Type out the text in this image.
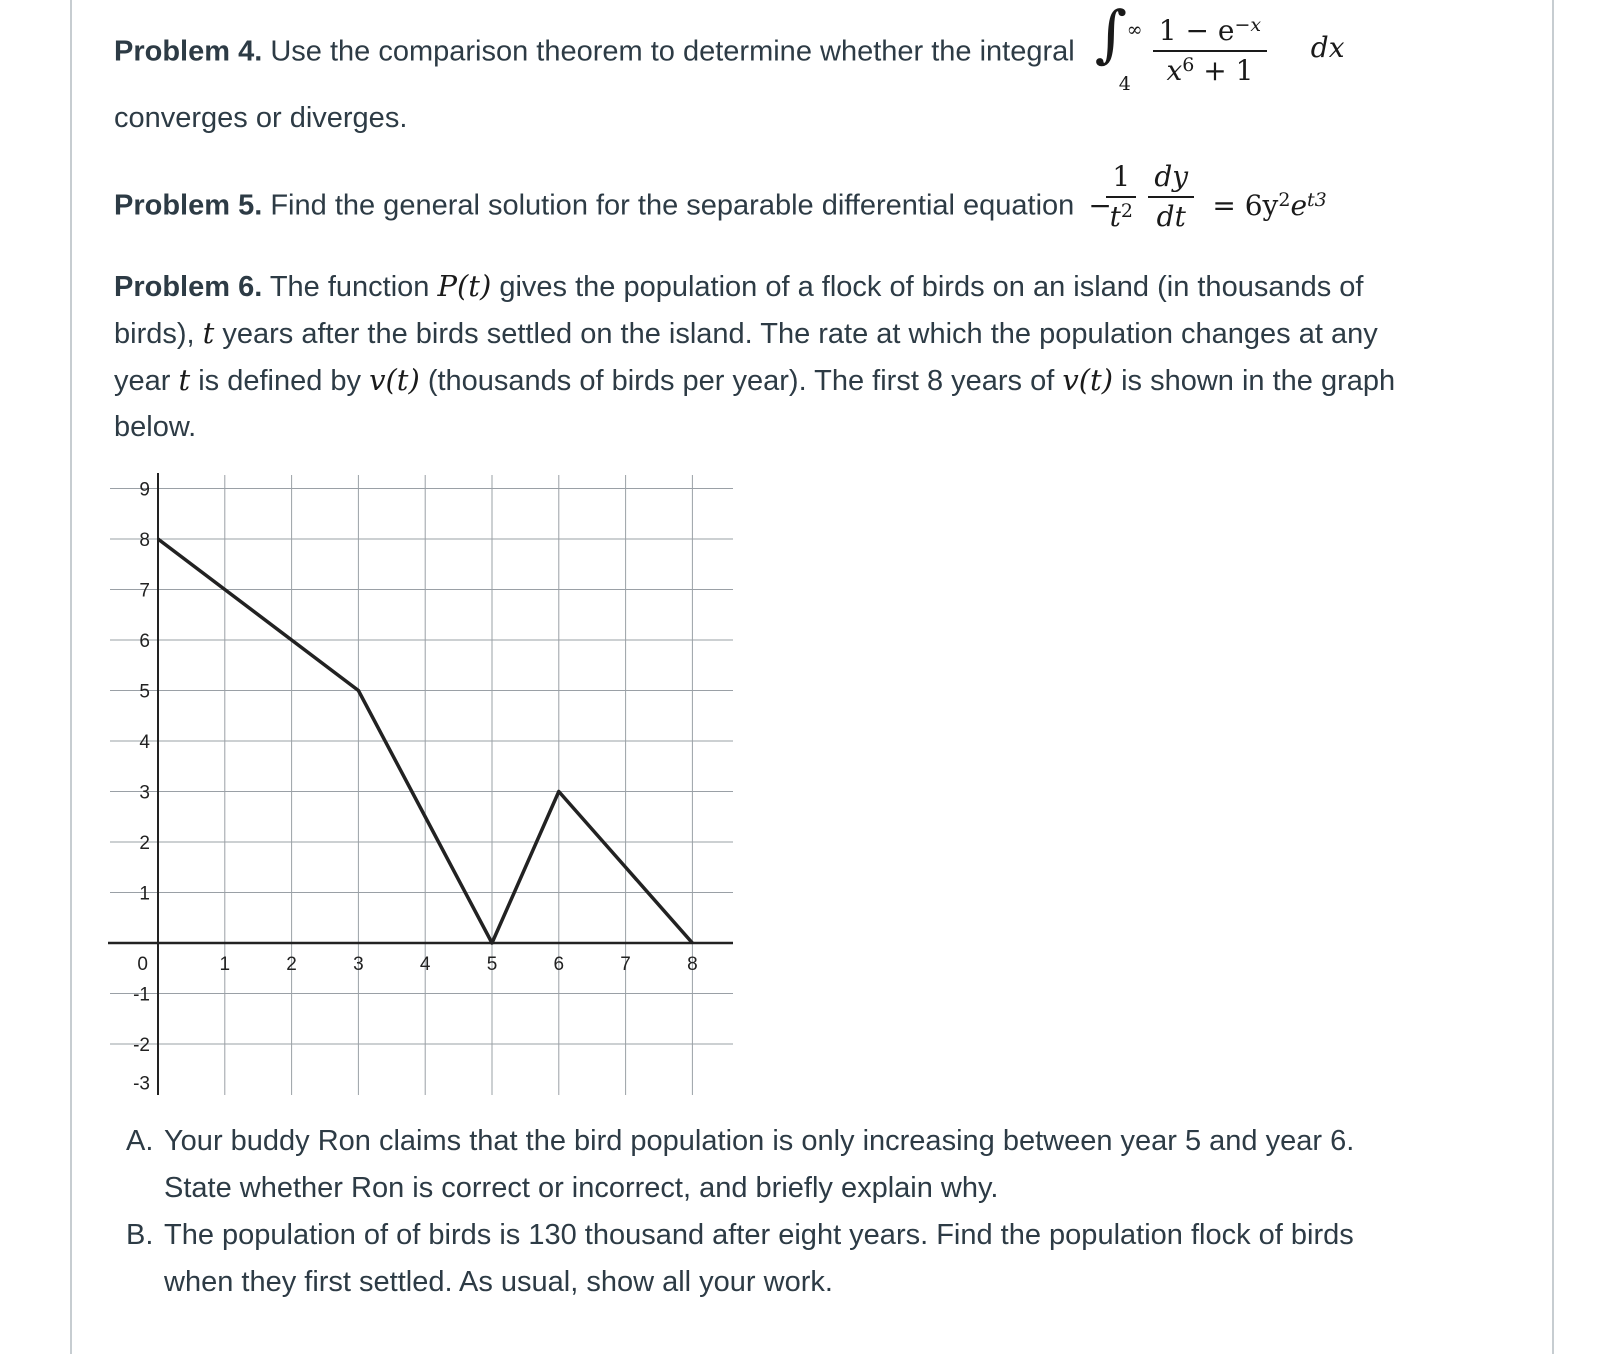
Problem 4. Use the comparison theorem to determine whether the integral ∫ ∞
$4 \frac{1 - e^{-x}}{x^6 + 1}$ dx
converges or diverges.
Problem 5. Find the general solution for the separable differential equation −
$\frac{1}{t^2} \frac{dy}{dt} = 6y^2e^{t3}$
Problem 6. The function P(t) gives the population of a flock of birds on an island (in thousands of
birds), t years after the birds settled on the island. The rate at which the population changes at any
year t is defined by v(t) (thousands of birds per year). The first 8 years of v(t) is shown in the graph
below.
A. Your buddy Ron claims that the bird population is only increasing between year 5 and year 6.
State whether Ron is correct or incorrect, and briefly explain why.
B. The population of of birds is 130 thousand after eight years. Find the population flock of birds
when they first settled. As usual, show all your work.
9
8
7
6
5
4
3
2
1
-1
-2
-3
0	1	2	3	4	5	6	7	8
